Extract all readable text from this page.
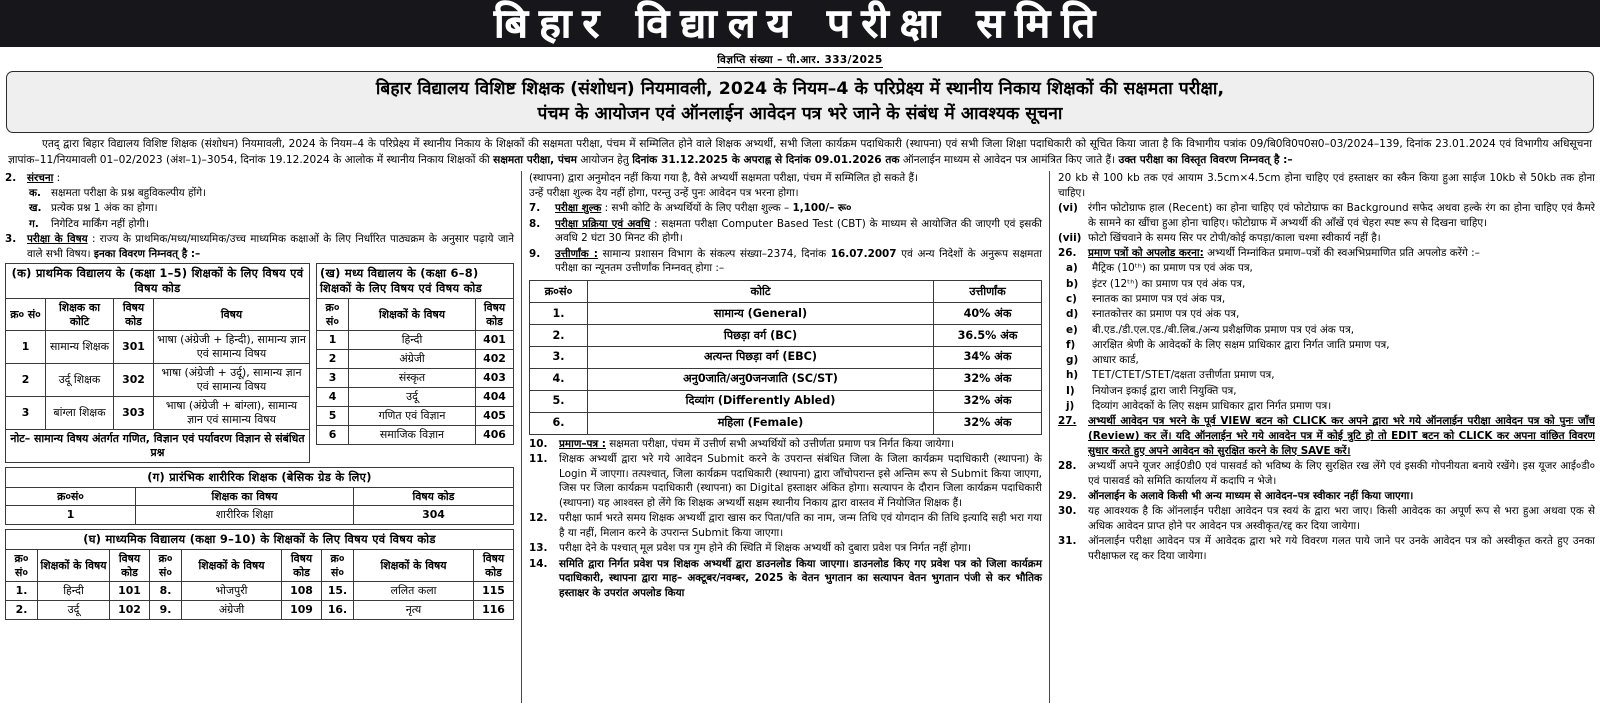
बिहार विद्यालय परीक्षा समिति
विज्ञप्ति संख्या – पी.आर. 333/2025
बिहार विद्यालय विशिष्ट शिक्षक (संशोधन) नियमावली, 2024 के नियम–4 के परिप्रेक्ष्य में स्थानीय निकाय शिक्षकों की सक्षमता परीक्षा,
पंचम के आयोजन एवं ऑनलाईन आवेदन पत्र भरे जाने के संबंध में आवश्यक सूचना
एतद् द्वारा बिहार विद्यालय विशिष्ट शिक्षक (संशोधन) नियमावली, 2024 के नियम–4 के परिप्रेक्ष्य में स्थानीय निकाय के शिक्षकों की सक्षमता परीक्षा, पंचम में सम्मिलित होने वाले शिक्षक अभ्यर्थी, सभी जिला कार्यक्रम पदाधिकारी (स्थापना) एवं सभी जिला शिक्षा पदाधिकारी को सूचित किया जाता है कि विभागीय पत्रांक 09/बि0वि0प0स0–03/2024–139, दिनांक 23.01.2024 एवं विभागीय अधिसूचना ज्ञापांक–11/नियमावली 01–02/2023 (अंश–1)–3054, दिनांक 19.12.2024 के आलोक में स्थानीय निकाय शिक्षकों की सक्षमता परीक्षा, पंचम आयोजन हेतु दिनांक 31.12.2025 के अपराह्न से दिनांक 09.01.2026 तक ऑनलाईन माध्यम से आवेदन पत्र आमंत्रित किए जाते हैं। उक्त परीक्षा का विस्तृत विवरण निम्नवत् है :–
2.	संरचना :
क. सक्षमता परीक्षा के प्रश्न बहुविकल्पीय होंगे।
ख. प्रत्येक प्रश्न 1 अंक का होगा।
ग.	निगेटिव मार्किंग नहीं होगी।
3.	परीक्षा के विषय : राज्य के प्राथमिक/मध्य/माध्यमिक/उच्च माध्यमिक कक्षाओं के लिए निर्धारित पाठ्यक्रम के अनुसार पढ़ाये जाने वाले सभी विषय। इनका विवरण निम्नवत् है :–
(क) प्राथमिक विद्यालय के (कक्षा 1–5) शिक्षकों के लिए विषय एवं विषय कोड			
क्र० सं०	शिक्षक का कोटि	विषय कोड	विषय
1	सामान्य शिक्षक	301	भाषा (अंग्रेजी + हिन्दी), सामान्य ज्ञान एवं सामान्य विषय
2	उर्दू शिक्षक	302	भाषा (अंग्रेजी + उर्दू), सामान्य ज्ञान एवं सामान्य विषय
3	बांग्ला शिक्षक	303	भाषा (अंग्रेजी + बांग्ला), सामान्य ज्ञान एवं सामान्य विषय
नोट– सामान्य विषय अंतर्गत गणित, विज्ञान एवं पर्यावरण विज्ञान से संबंधित प्रश्न			
(ख) मध्य विद्यालय के (कक्षा 6–8) शिक्षकों के लिए विषय एवं विषय कोड		
क्र० सं०	शिक्षकों के विषय	विषय कोड
1	हिन्दी	401
2	अंग्रेजी	402
3	संस्कृत	403
4	उर्दू	404
5	गणित एवं विज्ञान	405
6	समाजिक विज्ञान	406
(ग) प्रारंभिक शारीरिक शिक्षक (बेसिक ग्रेड के लिए)		
क्र०सं०	शिक्षक का विषय	विषय कोड
1	शारीरिक शिक्षा	304
(घ) माध्यमिक विद्यालय (कक्षा 9–10) के शिक्षकों के लिए विषय एवं विषय कोड								
क्र० सं०	शिक्षकों के विषय	विषय कोड	क्र० सं०	शिक्षकों के विषय	विषय कोड	क्र० सं०	शिक्षकों के विषय	विषय कोड
1.	हिन्दी	101	8.	भोजपुरी	108	15.	ललित कला	115
2.	उर्दू	102	9.	अंग्रेजी	109	16.	नृत्य	116
(स्थापना) द्वारा अनुमोदन नहीं किया गया है, वैसे अभ्यर्थी सक्षमता परीक्षा, पंचम में सम्मिलित हो सकते हैं।
उन्हें परीक्षा शुल्क देय नहीं होगा, परन्तु उन्हें पुनः आवेदन पत्र भरना होगा।
7.	परीक्षा शुल्क : सभी कोटि के अभ्यर्थियों के लिए परीक्षा शुल्क – 1,100/– रू०
8.	परीक्षा प्रक्रिया एवं अवधि : सक्षमता परीक्षा Computer Based Test (CBT) के माध्यम से आयोजित की जाएगी एवं इसकी अवधि 2 घंटा 30 मिनट की होगी।
9.	उत्तीर्णांक : सामान्य प्रशासन विभाग के संकल्प संख्या–2374, दिनांक 16.07.2007 एवं अन्य निदेशों के अनुरूप सक्षमता परीक्षा का न्यूनतम उत्तीर्णांक निम्नवत् होगा :–
क्र०सं०	कोटि	उत्तीर्णांक
1.	सामान्य (General)	40% अंक
2.	पिछड़ा वर्ग (BC)	36.5% अंक
3.	अत्यन्त पिछड़ा वर्ग (EBC)	34% अंक
4.	अनु0जाति/अनु0जनजाति (SC/ST)	32% अंक
5.	दिव्यांग (Differently Abled)	32% अंक
6.	महिला (Female)	32% अंक
10.	प्रमाण–पत्र : सक्षमता परीक्षा, पंचम में उत्तीर्ण सभी अभ्यर्थियों को उत्तीर्णता प्रमाण पत्र निर्गत किया जायेगा।
11.	शिक्षक अभ्यर्थी द्वारा भरे गये आवेदन Submit करने के उपरान्त संबंधित जिला के जिला कार्यक्रम पदाधिकारी (स्थापना) के Login में जाएगा। तत्पश्चात्, जिला कार्यक्रम पदाधिकारी (स्थापना) द्वारा जाँचोपरान्त इसे अन्तिम रूप से Submit किया जाएगा, जिस पर जिला कार्यक्रम पदाधिकारी (स्थापना) का Digital हस्ताक्षर अंकित होगा। सत्यापन के दौरान जिला कार्यक्रम पदाधिकारी (स्थापना) यह आश्वस्त हो लेंगे कि शिक्षक अभ्यर्थी सक्षम स्थानीय निकाय द्वारा वास्तव में नियोजित शिक्षक हैं।
12.	परीक्षा फार्म भरते समय शिक्षक अभ्यर्थी द्वारा खास कर पिता/पति का नाम, जन्म तिथि एवं योगदान की तिथि इत्यादि सही भरा गया है या नहीं, मिलान करने के उपरान्त Submit किया जाएगा।
13.	परीक्षा देने के पश्चात् मूल प्रवेश पत्र गुम होने की स्थिति में शिक्षक अभ्यर्थी को दुबारा प्रवेश पत्र निर्गत नहीं होगा।
14.	समिति द्वारा निर्गत प्रवेश पत्र शिक्षक अभ्यर्थी द्वारा डाउनलोड किया जाएगा। डाउनलोड किए गए प्रवेश पत्र को जिला कार्यक्रम पदाधिकारी, स्थापना द्वारा माह– अक्टूबर/नवम्बर, 2025 के वेतन भुगतान का सत्यापन वेतन भुगतान पंजी से कर भौतिक हस्ताक्षर के उपरांत अपलोड किया
20 kb से 100 kb तक एवं आयाम 3.5cm×4.5cm होना चाहिए एवं हस्ताक्षर का स्कैन किया हुआ साईज 10kb से 50kb तक होना चाहिए।
(vi) रंगीन फोटोग्राफ हाल (Recent) का होना चाहिए एवं फोटोग्राफ का Background सफेद अथवा हल्के रंग का होना चाहिए एवं कैमरे के सामने का खींचा हुआ होना चाहिए। फोटोग्राफ में अभ्यर्थी की आँखें एवं चेहरा स्पष्ट रूप से दिखना चाहिए।
(vii) फोटो खिंचवाने के समय सिर पर टोपी/कोई कपड़ा/काला चश्मा स्वीकार्य नहीं है।
26.	प्रमाण पत्रों को अपलोड करना: अभ्यर्थी निम्नांकित प्रमाण–पत्रों की स्वअभिप्रमाणित प्रति अपलोड करेंगे :–
a)	मैट्रिक (10ᵗʰ) का प्रमाण पत्र एवं अंक पत्र,
b)	इंटर (12ᵗʰ) का प्रमाण पत्र एवं अंक पत्र,
c)	स्नातक का प्रमाण पत्र एवं अंक पत्र,
d)	स्नातकोत्तर का प्रमाण पत्र एवं अंक पत्र,
e)	बी.एड./डी.एल.एड./बी.लिब./अन्य प्रशैक्षणिक प्रमाण पत्र एवं अंक पत्र,
f)	आरक्षित श्रेणी के आवेदकों के लिए सक्षम प्राधिकार द्वारा निर्गत जाति प्रमाण पत्र,
g)	आधार कार्ड,
h)	TET/CTET/STET/दक्षता उत्तीर्णता प्रमाण पत्र,
I)	नियोजन इकाई द्वारा जारी नियुक्ति पत्र,
j)	दिव्यांग आवेदकों के लिए सक्षम प्राधिकार द्वारा निर्गत प्रमाण पत्र।
27.	अभ्यर्थी आवेदन पत्र भरने के पूर्व VIEW बटन को CLICK कर अपने द्वारा भरे गये ऑनलाईन परीक्षा आवेदन पत्र को पुनः जाँच (Review) कर लें। यदि ऑनलाईन भरे गये आवदेन पत्र में कोई त्रुटि हो तो EDIT बटन को CLICK कर अपना वांछित विवरण सुधार करते हुए अपने आवेदन को सुरक्षित करने के लिए SAVE करें।
28.	अभ्यर्थी अपने यूजर आई0डी0 एवं पासवर्ड को भविष्य के लिए सुरक्षित रख लेंगे एवं इसकी गोपनीयता बनाये रखेंगे। इस यूजर आई०डी० एवं पासवर्ड को समिति कार्यालय में कदापि न भेजे।
29.	ऑनलाईन के अलावे किसी भी अन्य माध्यम से आवेदन–पत्र स्वीकार नहीं किया जाएगा।
30.	यह आवश्यक है कि ऑनलाईन परीक्षा आवेदन पत्र स्वयं के द्वारा भरा जाए। किसी आवेदक का अपूर्ण रूप से भरा हुआ अथवा एक से अधिक आवेदन प्राप्त होने पर आवेदन पत्र अस्वीकृत/रद्द कर दिया जायेगा।
31.	ऑनलाईन परीक्षा आवेदन पत्र में आवेदक द्वारा भरे गये विवरण गलत पाये जाने पर उनके आवेदन पत्र को अस्वीकृत करते हुए उनका परीक्षाफल रद्द कर दिया जायेगा।
